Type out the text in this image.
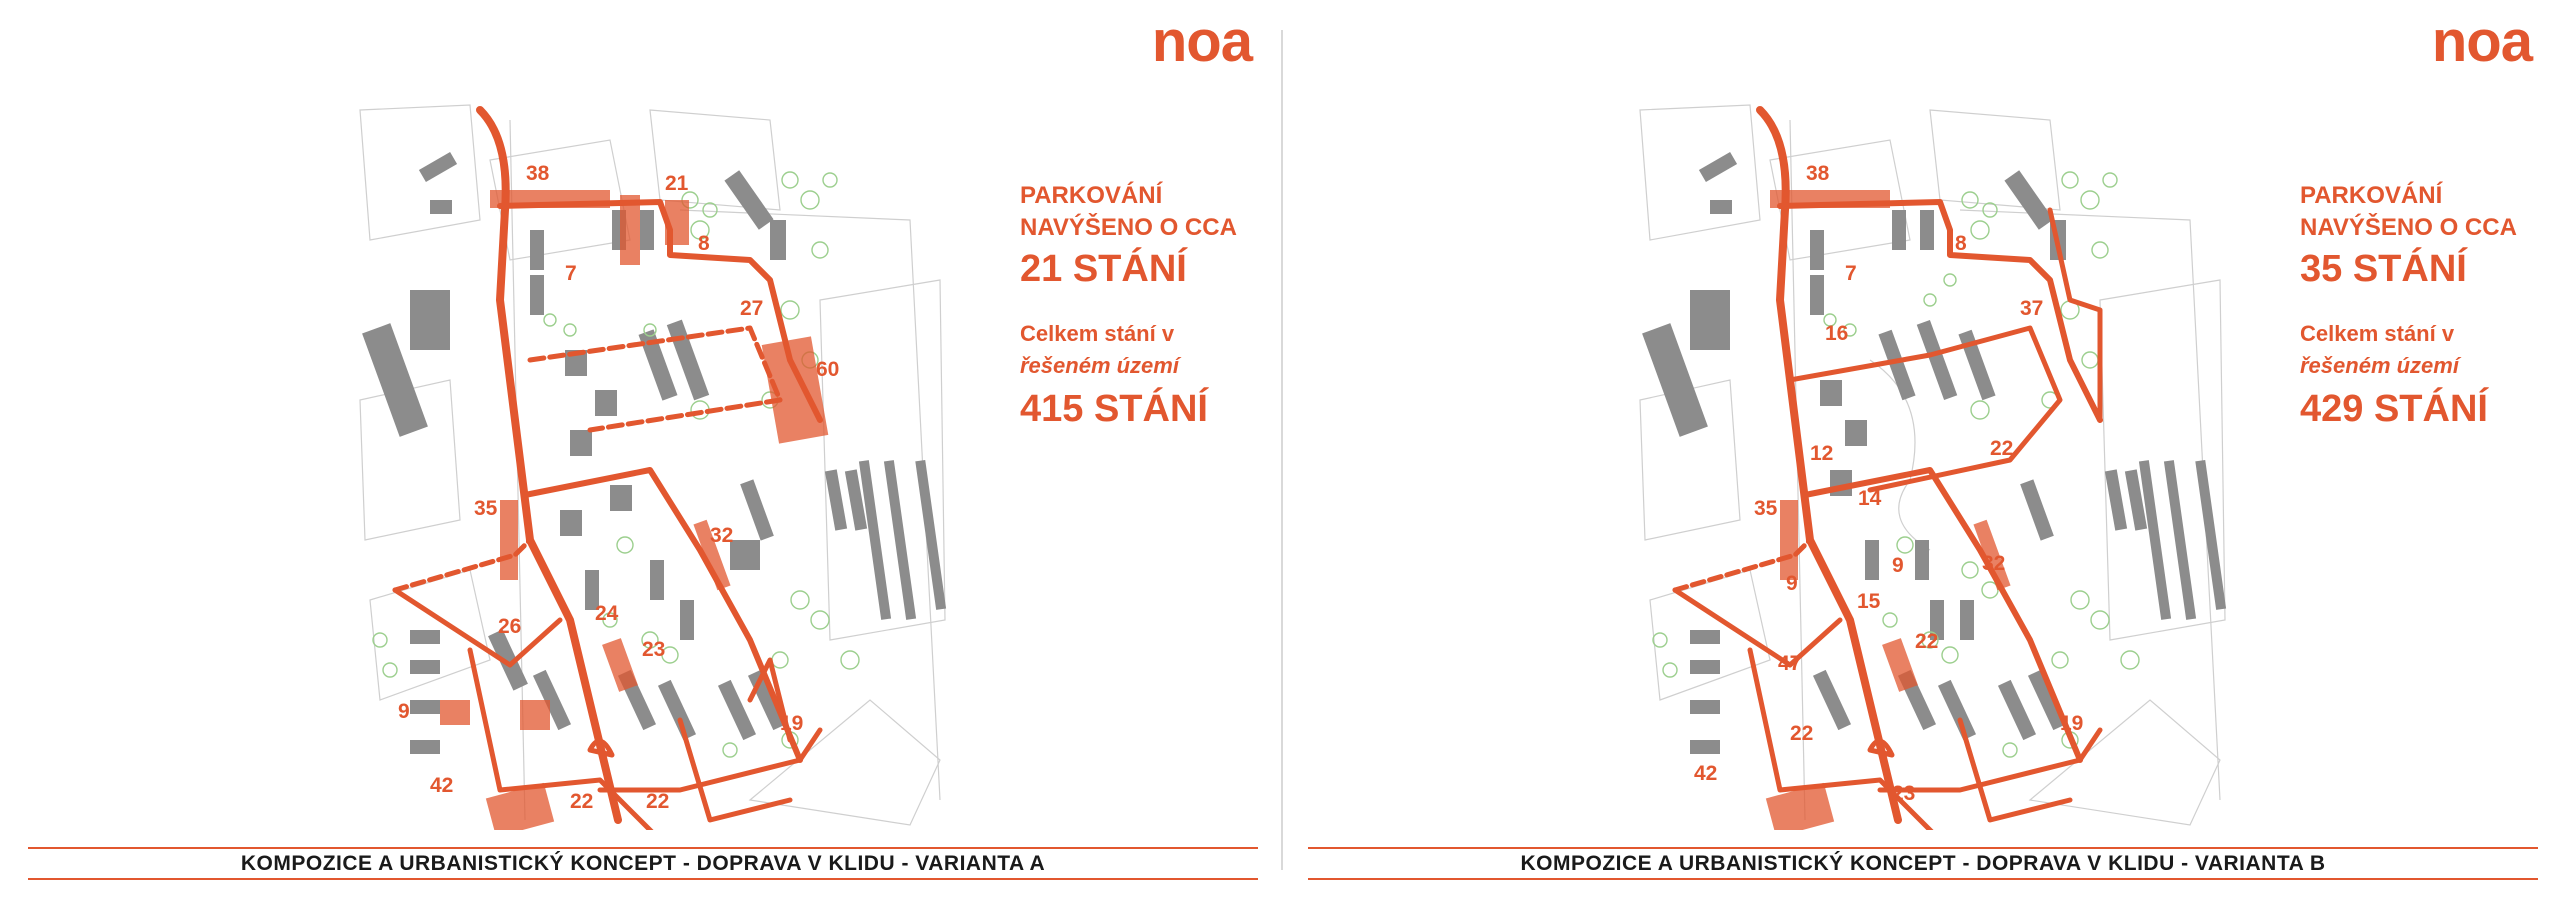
noa
38	21
7
8
27
60
35
32
26
24
23
9
19
42
22	22
PARKOVÁNÍ
NAVÝŠENO O CCA
21 STÁNÍ
Celkem stání v
řešeném území
415 STÁNÍ
KOMPOZICE A URBANISTICKÝ KONCEPT - DOPRAVA V KLIDU - VARIANTA A
noa
38
7
8
37
16
12	22
35	14
9
32
9
15
22
47
22	19
42
23
PARKOVÁNÍ
NAVÝŠENO O CCA
35 STÁNÍ
Celkem stání v
řešeném území
429 STÁNÍ
KOMPOZICE A URBANISTICKÝ KONCEPT - DOPRAVA V KLIDU - VARIANTA B
